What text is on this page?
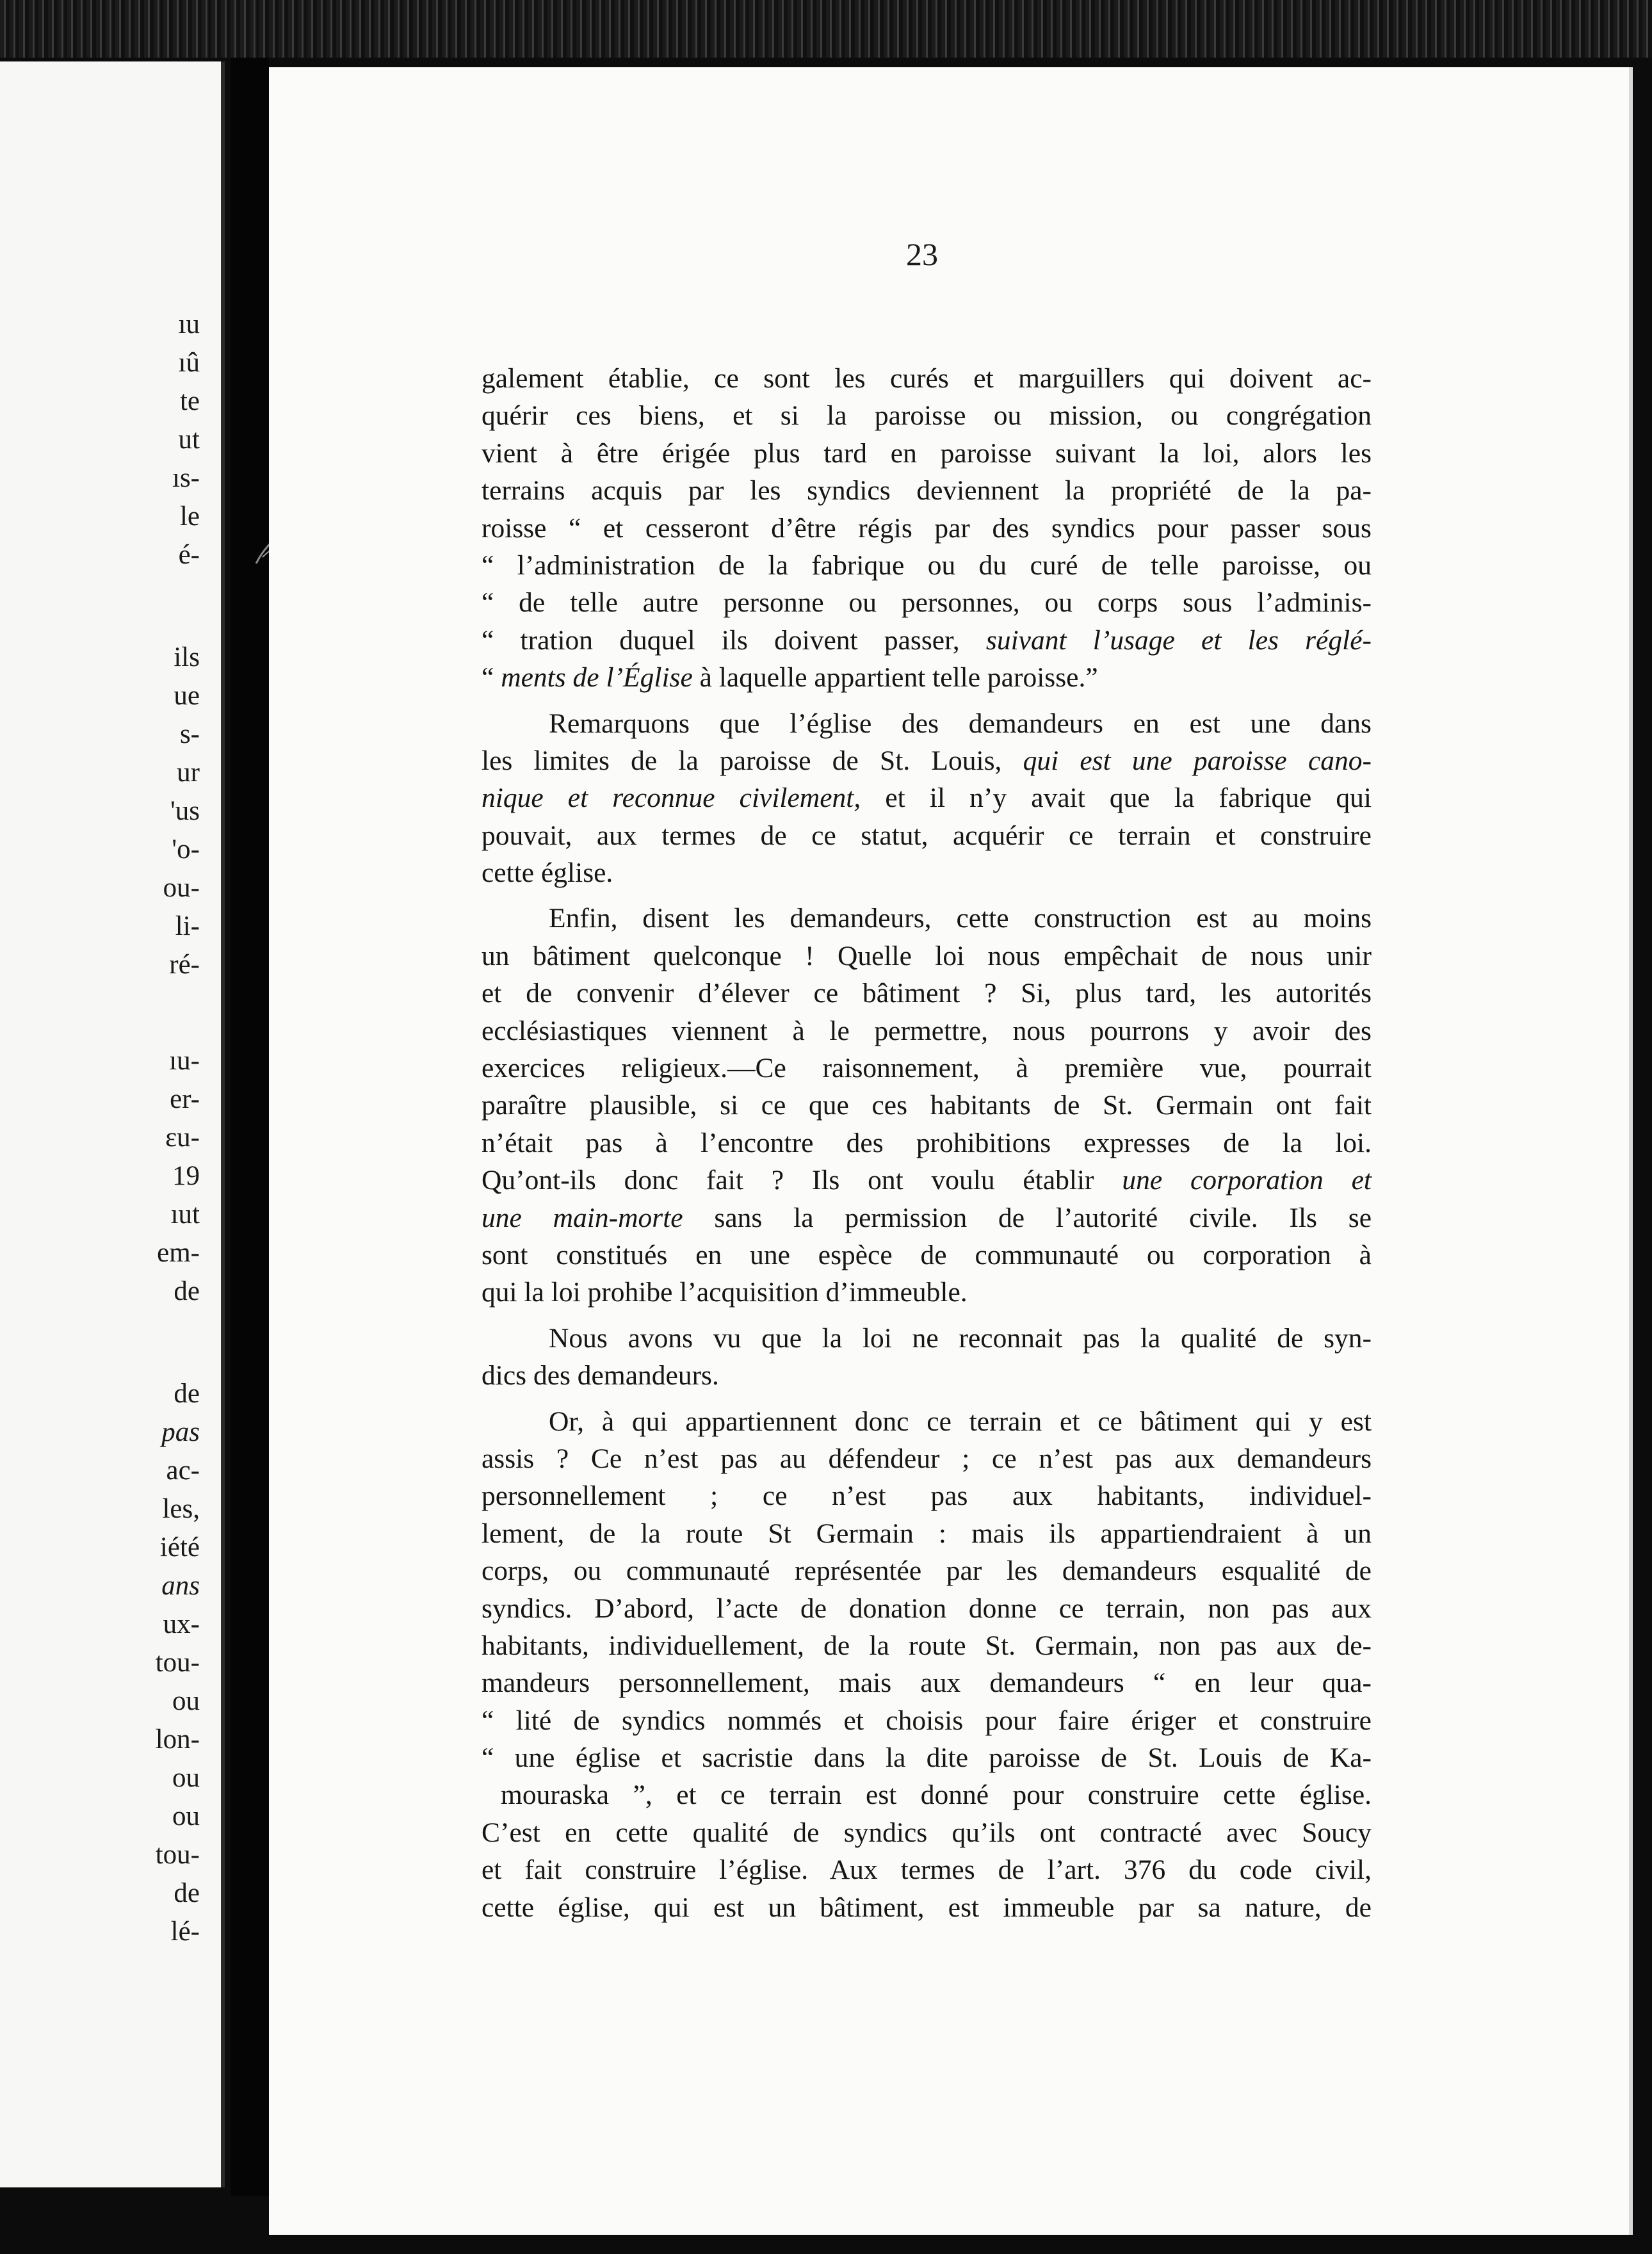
ıu
ıû
te
ut
ıs-
le
é-
ils
ue
s-
ur
'us
'o-
ou-
li-
ré-
ıu-
er-
ɛu-
19
ıut
em-
de
de
pas
ac-
les,
iété
ans
ux-
tou-
ou
lon-
ou
ou
tou-
de
lé-
23
galement établie, ce sont les curés et marguillers qui doivent ac-
quérir ces biens, et si la paroisse ou mission, ou congrégation
vient à être érigée plus tard en paroisse suivant la loi, alors les
terrains acquis par les syndics deviennent la propriété de la pa-
roisse “ et cesseront d’être régis par des syndics pour passer sous
“ l’administration de la fabrique ou du curé de telle paroisse, ou
“ de telle autre personne ou personnes, ou corps sous l’adminis-
“ tration duquel ils doivent passer, suivant l’usage et les réglé-
“ ments de l’Église à laquelle appartient telle paroisse.”
Remarquons que l’église des demandeurs en est une dans
les limites de la paroisse de St. Louis, qui est une paroisse cano-
nique et reconnue civilement, et il n’y avait que la fabrique qui
pouvait, aux termes de ce statut, acquérir ce terrain et construire
cette église.
Enfin, disent les demandeurs, cette construction est au moins
un bâtiment quelconque ! Quelle loi nous empêchait de nous unir
et de convenir d’élever ce bâtiment ? Si, plus tard, les autorités
ecclésiastiques viennent à le permettre, nous pourrons y avoir des
exercices religieux.—Ce raisonnement, à première vue, pourrait
paraître plausible, si ce que ces habitants de St. Germain ont fait
n’était pas à l’encontre des prohibitions expresses de la loi.
Qu’ont-ils donc fait ? Ils ont voulu établir une corporation et
une main-morte sans la permission de l’autorité civile. Ils se
sont constitués en une espèce de communauté ou corporation à
qui la loi prohibe l’acquisition d’immeuble.
Nous avons vu que la loi ne reconnait pas la qualité de syn-
dics des demandeurs.
Or, à qui appartiennent donc ce terrain et ce bâtiment qui y est
assis ? Ce n’est pas au défendeur ; ce n’est pas aux demandeurs
personnellement ; ce n’est pas aux habitants, individuel-
lement, de la route St Germain : mais ils appartiendraient à un
corps, ou communauté représentée par les demandeurs esqualité de
syndics. D’abord, l’acte de donation donne ce terrain, non pas aux
habitants, individuellement, de la route St. Germain, non pas aux de-
mandeurs personnellement, mais aux demandeurs “ en leur qua-
“ lité de syndics nommés et choisis pour faire ériger et construire
“ une église et sacristie dans la dite paroisse de St. Louis de Ka-
mouraska ”, et ce terrain est donné pour construire cette église.
C’est en cette qualité de syndics qu’ils ont contracté avec Soucy
et fait construire l’église. Aux termes de l’art. 376 du code civil,
cette église, qui est un bâtiment, est immeuble par sa nature, de
